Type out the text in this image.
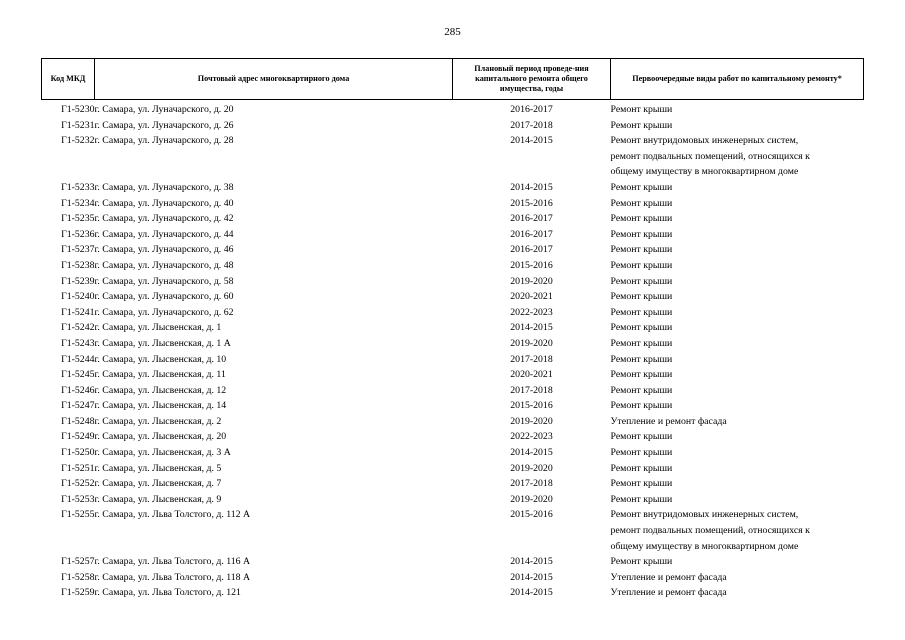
285
Код МКД	Почтовый адрес многоквартирного дома	Плановый период проведе-ния капитального ремонта общего имущества, годы	Первоочередные виды работ по капитальному ремонту*
Г1-5230	г. Самара, ул. Луначарского, д. 20	2016-2017	Ремонт крыши

Г1-5231	г. Самара, ул. Луначарского, д. 26	2017-2018	Ремонт крыши

Г1-5232	г. Самара, ул. Луначарского, д. 28	2014-2015	Ремонт внутридомовых инженерных систем,
ремонт подвальных помещений, относящихся к
общему имуществу в многоквартирном доме

Г1-5233	г. Самара, ул. Луначарского, д. 38	2014-2015	Ремонт крыши

Г1-5234	г. Самара, ул. Луначарского, д. 40	2015-2016	Ремонт крыши

Г1-5235	г. Самара, ул. Луначарского, д. 42	2016-2017	Ремонт крыши

Г1-5236	г. Самара, ул. Луначарского, д. 44	2016-2017	Ремонт крыши

Г1-5237	г. Самара, ул. Луначарского, д. 46	2016-2017	Ремонт крыши

Г1-5238	г. Самара, ул. Луначарского, д. 48	2015-2016	Ремонт крыши

Г1-5239	г. Самара, ул. Луначарского, д. 58	2019-2020	Ремонт крыши

Г1-5240	г. Самара, ул. Луначарского, д. 60	2020-2021	Ремонт крыши

Г1-5241	г. Самара, ул. Луначарского, д. 62	2022-2023	Ремонт крыши

Г1-5242	г. Самара, ул. Лысвенская, д. 1	2014-2015	Ремонт крыши

Г1-5243	г. Самара, ул. Лысвенская, д. 1 А	2019-2020	Ремонт крыши

Г1-5244	г. Самара, ул. Лысвенская, д. 10	2017-2018	Ремонт крыши

Г1-5245	г. Самара, ул. Лысвенская, д. 11	2020-2021	Ремонт крыши

Г1-5246	г. Самара, ул. Лысвенская, д. 12	2017-2018	Ремонт крыши

Г1-5247	г. Самара, ул. Лысвенская, д. 14	2015-2016	Ремонт крыши

Г1-5248	г. Самара, ул. Лысвенская, д. 2	2019-2020	Утепление и ремонт фасада

Г1-5249	г. Самара, ул. Лысвенская, д. 20	2022-2023	Ремонт крыши

Г1-5250	г. Самара, ул. Лысвенская, д. 3 А	2014-2015	Ремонт крыши

Г1-5251	г. Самара, ул. Лысвенская, д. 5	2019-2020	Ремонт крыши

Г1-5252	г. Самара, ул. Лысвенская, д. 7	2017-2018	Ремонт крыши

Г1-5253	г. Самара, ул. Лысвенская, д. 9	2019-2020	Ремонт крыши

Г1-5255	г. Самара, ул. Льва Толстого, д. 112 А	2015-2016	Ремонт внутридомовых инженерных систем,
ремонт подвальных помещений, относящихся к
общему имуществу в многоквартирном доме

Г1-5257	г. Самара, ул. Льва Толстого, д. 116 А	2014-2015	Ремонт крыши

Г1-5258	г. Самара, ул. Льва Толстого, д. 118 А	2014-2015	Утепление и ремонт фасада

Г1-5259	г. Самара, ул. Льва Толстого, д. 121	2014-2015	Утепление и ремонт фасада
